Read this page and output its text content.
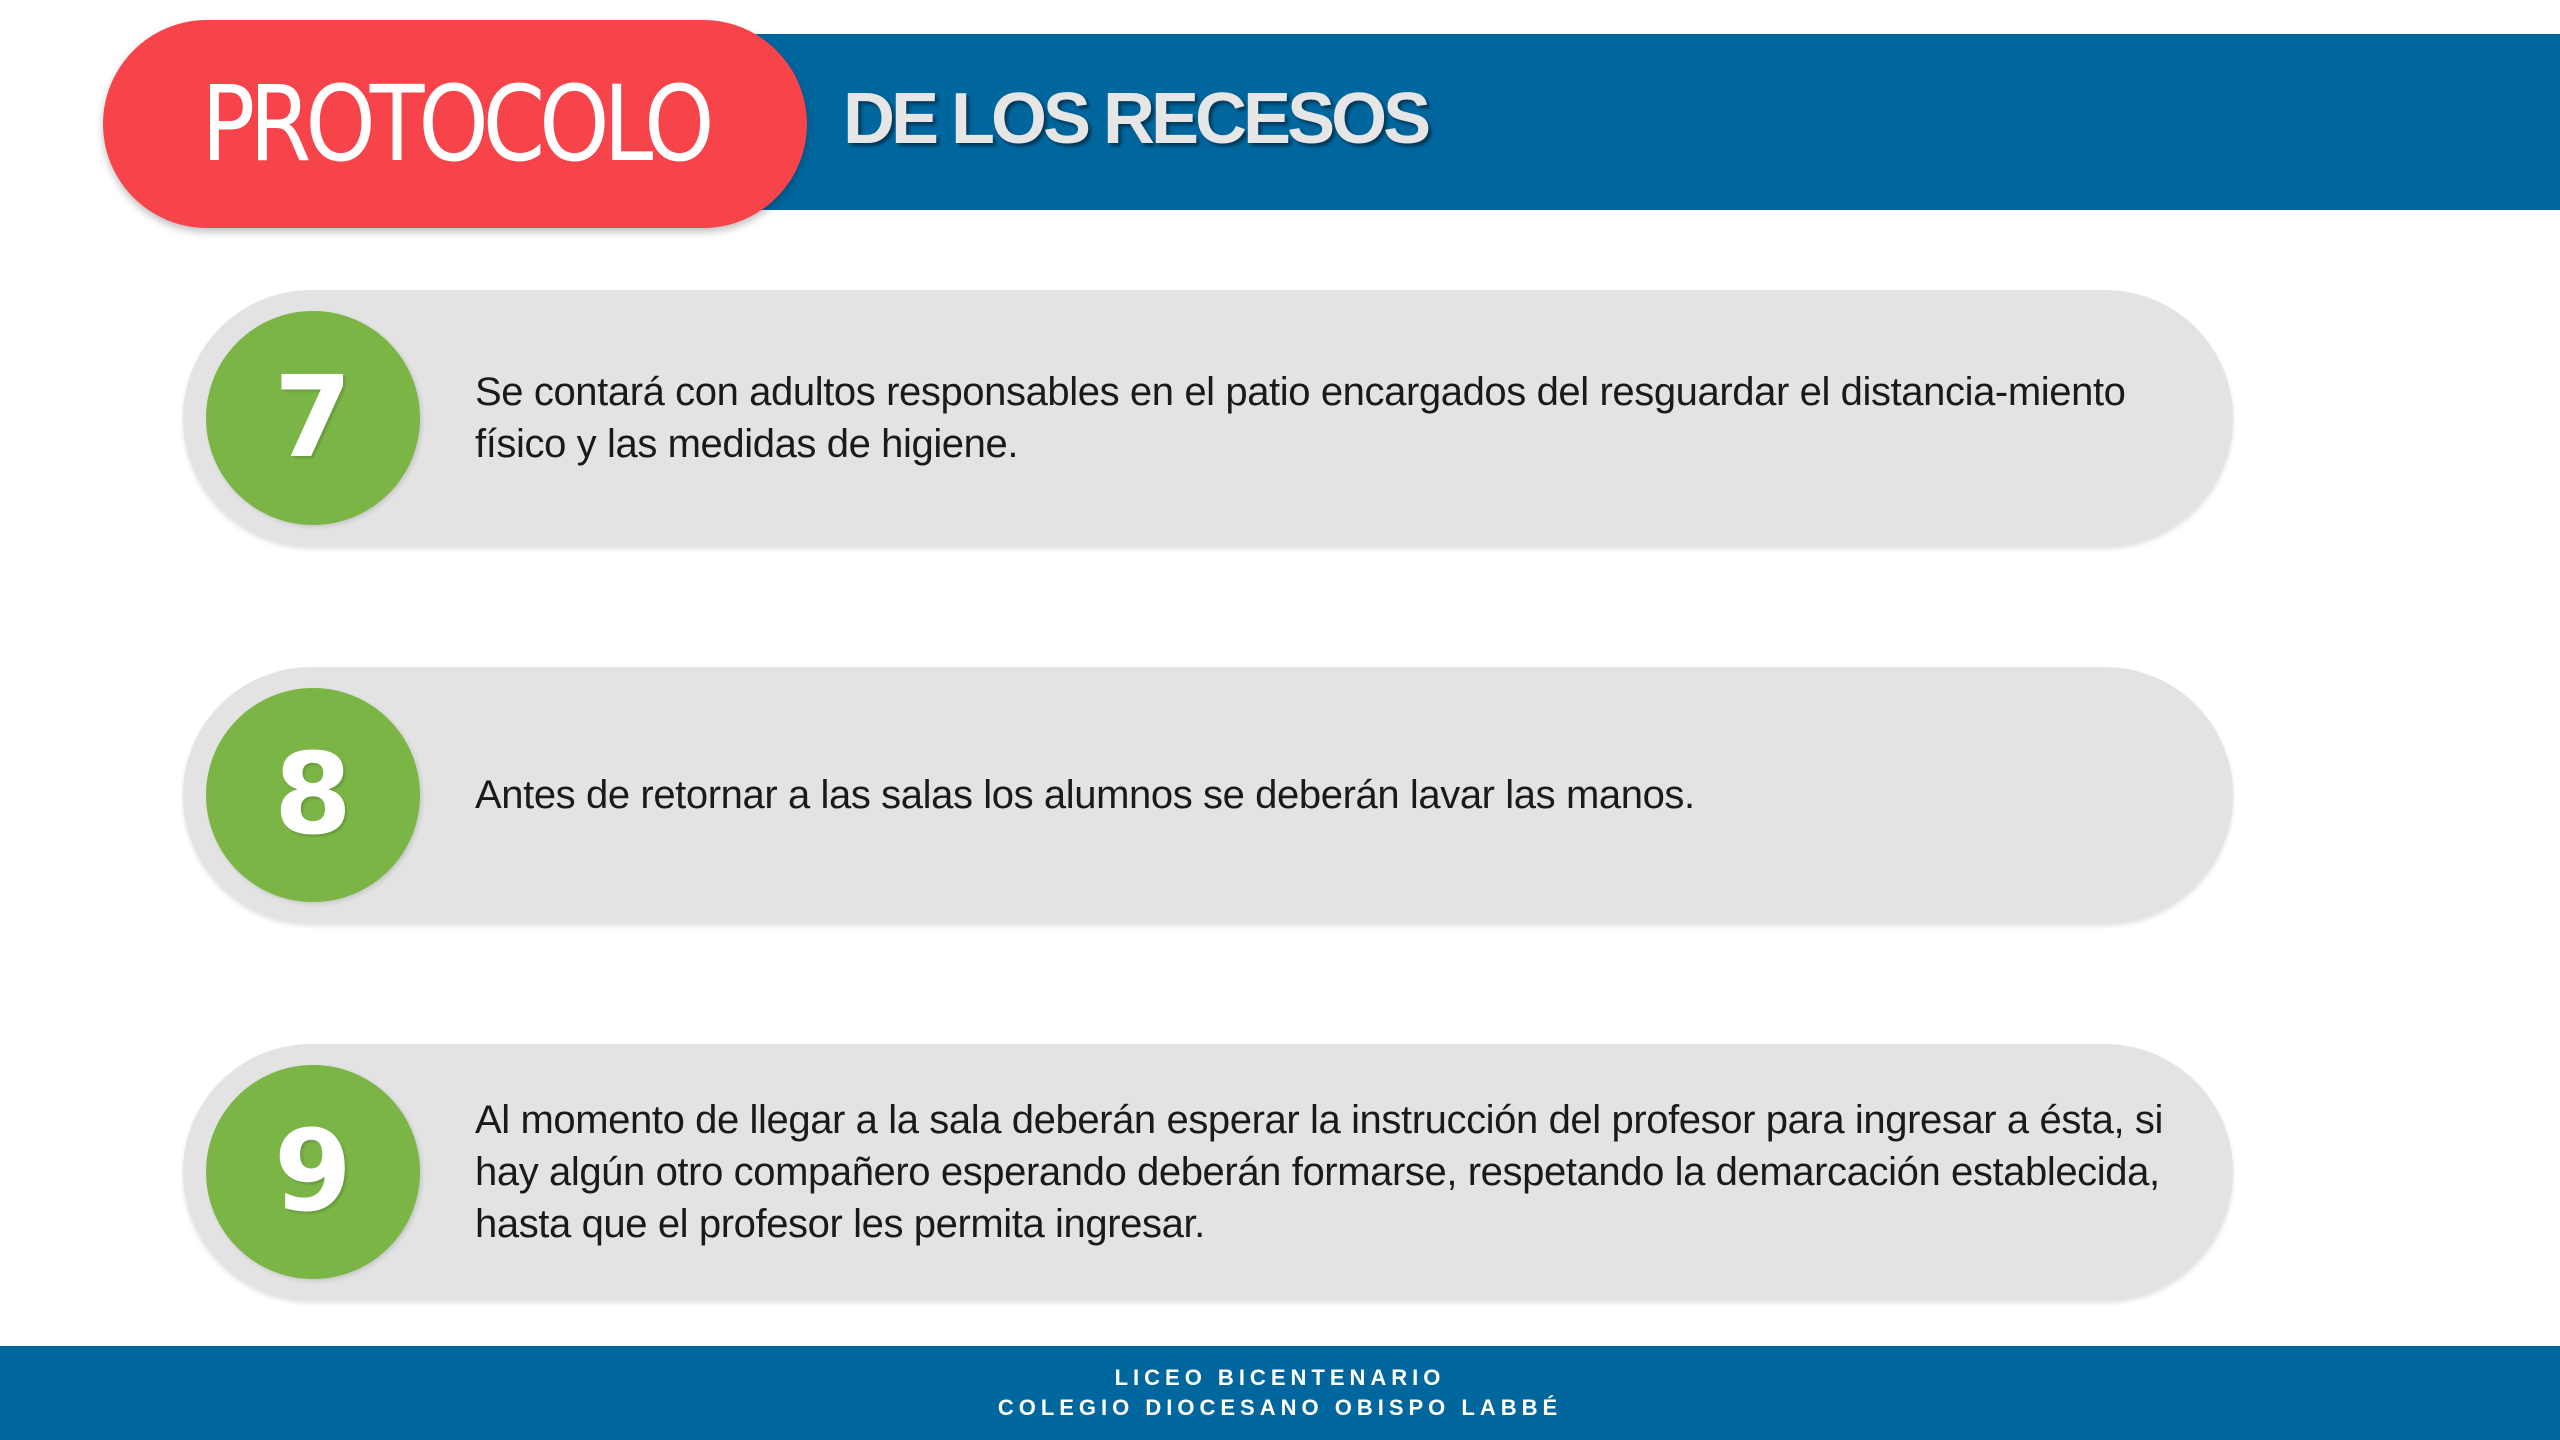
PROTOCOLO DE LOS RECESOS
7	Se contará con adultos responsables en el patio encargados del resguardar el distancia-miento físico y las medidas de higiene.
8	Antes de retornar a las salas los alumnos se deberán lavar las manos.
9	Al momento de llegar a la sala deberán esperar la instrucción del profesor para ingresar a ésta, si hay algún otro compañero esperando deberán formarse, respetando la demarcación establecida, hasta que el profesor les permita ingresar.
LICEO BICENTENARIO
COLEGIO DIOCESANO OBISPO LABBÉ
